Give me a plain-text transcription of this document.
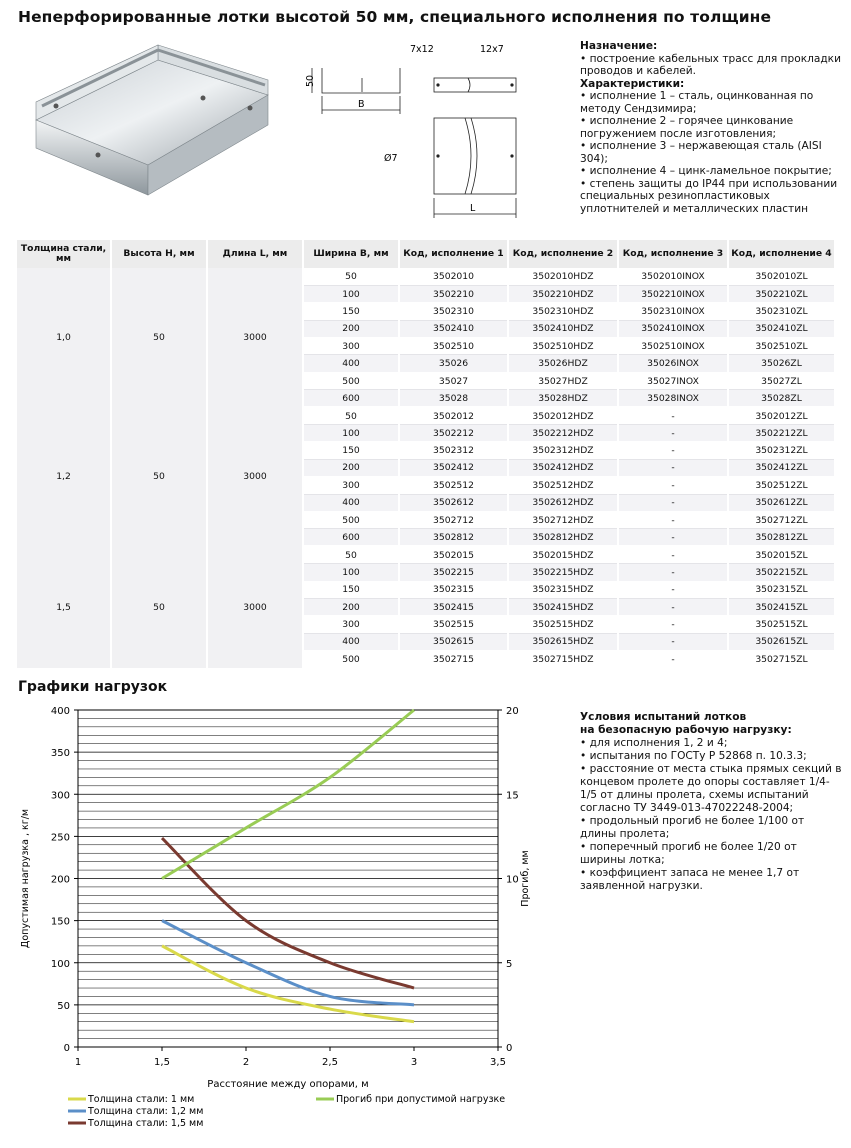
Неперфорированные лотки высотой 50 мм, специального исполнения по толщине
7x12	12x7
50
B
Ø7
L
Назначение:
• построение кабельных трасс для прокладки проводов и кабелей.
Характеристики:
• исполнение 1 – сталь, оцинкованная по методу Сендзимира;
• исполнение 2 – горячее цинкование погружением после изготовления;
• исполнение 3 – нержавеющая сталь (AISI 304);
• исполнение 4 – цинк-ламельное покрытие;
• степень защиты до IP44 при использовании специальных резинопластиковых уплотнителей и металлических пластин
Толщина стали, мм	Высота H, мм	Длина L, мм	Ширина B, мм	Код, исполнение 1	Код, исполнение 2	Код, исполнение 3	Код, исполнение 4
1,0	50	3000	50	3502010	3502010HDZ	3502010INOX	3502010ZL
			100	3502210	3502210HDZ	3502210INOX	3502210ZL
			150	3502310	3502310HDZ	3502310INOX	3502310ZL
			200	3502410	3502410HDZ	3502410INOX	3502410ZL
			300	3502510	3502510HDZ	3502510INOX	3502510ZL
			400	35026	35026HDZ	35026INOX	35026ZL
			500	35027	35027HDZ	35027INOX	35027ZL
			600	35028	35028HDZ	35028INOX	35028ZL
1,2	50	3000	50	3502012	3502012HDZ	-	3502012ZL
			100	3502212	3502212HDZ	-	3502212ZL
			150	3502312	3502312HDZ	-	3502312ZL
			200	3502412	3502412HDZ	-	3502412ZL
			300	3502512	3502512HDZ	-	3502512ZL
			400	3502612	3502612HDZ	-	3502612ZL
			500	3502712	3502712HDZ	-	3502712ZL
			600	3502812	3502812HDZ	-	3502812ZL
1,5	50	3000	50	3502015	3502015HDZ	-	3502015ZL
			100	3502215	3502215HDZ	-	3502215ZL
			150	3502315	3502315HDZ	-	3502315ZL
			200	3502415	3502415HDZ	-	3502415ZL
			300	3502515	3502515HDZ	-	3502515ZL
			400	3502615	3502615HDZ	-	3502615ZL
			500	3502715	3502715HDZ	-	3502715ZL
Графики нагрузок
1	1,5	2	2,5	3	3,5
0
50
100
150
200
250
300
350
400
0
5
10
15
20
Расстояние между опорами, м
Допустимая нагрузка , кг/м	Прогиб, мм
Толщина стали: 1 мм
Толщина стали: 1,2 мм
Толщина стали: 1,5 мм
Прогиб при допустимой нагрузке
Условия испытаний лотков
на безопасную рабочую нагрузку:
• для исполнения 1, 2 и 4;
• испытания по ГОСТу Р 52868 п. 10.3.3;
• расстояние от места стыка прямых секций в концевом пролете до опоры составляет 1/4-1/5 от длины пролета, схемы испытаний согласно ТУ 3449-013-47022248-2004;
• продольный прогиб не более 1/100 от длины пролета;
• поперечный прогиб не более 1/20 от ширины лотка;
• коэффициент запаса не менее 1,7 от заявленной нагрузки.
